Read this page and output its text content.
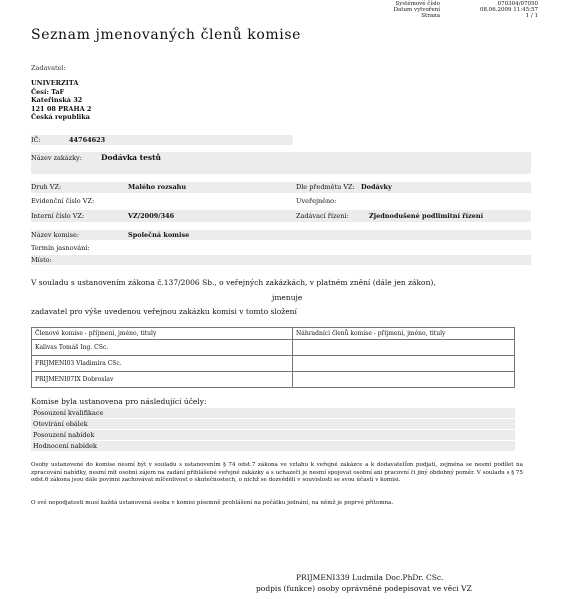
Systémové číslo	070304/07050
Datum vytvoření	08.06.2009 11:45:57
Strana	1 / 1
Seznam jmenovaných členů komise
Zadavatel:
UNIVERZITA
Česí: TaF
Kateřinská 32
121 08 PRAHA 2
Česká republika
IČ:	44764623
Název zakázky:	Dodávka testů
Druh VZ:	Malého rozsahu	Dle předmětu VZ: Dodávky
Evidenční číslo VZ:	Uveřejněno:
Interní číslo VZ:	VZ/2009/346	Zadávací řízení:	Zjednodušené podlimitní řízení
Název komise:	Společná komise
Termín jasnování:
Místo:
V souladu s ustanovením zákona č.137/2006 Sb., o veřejných zakázkách, v platném znění (dále jen zákon),
jmenuje
zadavatel pro výše uvedenou veřejnou zakázku komisi v tomto složení
Členové komise - příjmení, jméno, tituly	Náhradníci členů komise - příjmení, jméno, tituly
Kalivas Tomáš Ing. CSc.	
FRIJMENI03 Vladimíra CSc.	
PRIJMENI07IX Dobroslav	
Komise byla ustanovena pro následující účely:
Posouzení kvalifikace
Otevírání obálek
Posouzení nabídek
Hodnocení nabídek
Osoby ustanovené do komise nesmí být v souladu s ustanovením § 74 odst.7 zákona ve vztahu k veřejné zakázce a k dodavatelům podjatí, zejména se nesmí podílet na zpracování nabídky, nesmí mít osobní zájem na zadání přihlášené veřejné zakázky a s uchazeči je nesmí spojovat osobní ani pracovní či jiný obdobný poměr. V souladu s § 75 odst.6 zákona jsou dále povinni zachovávat mlčenlivost o skutečnostech, o nichž se dozvěděli v souvislosti se svou účastí v komisi.
O své nepodjatosti musí každá ustanovená osoba v komisi písemně prohlášení na počátku jednání, na němž je poprvé přítomna.
PRIJMENI339 Ludmila Doc.PhDr. CSc.
podpis (funkce) osoby oprávněné podepisovat ve věci VZ
